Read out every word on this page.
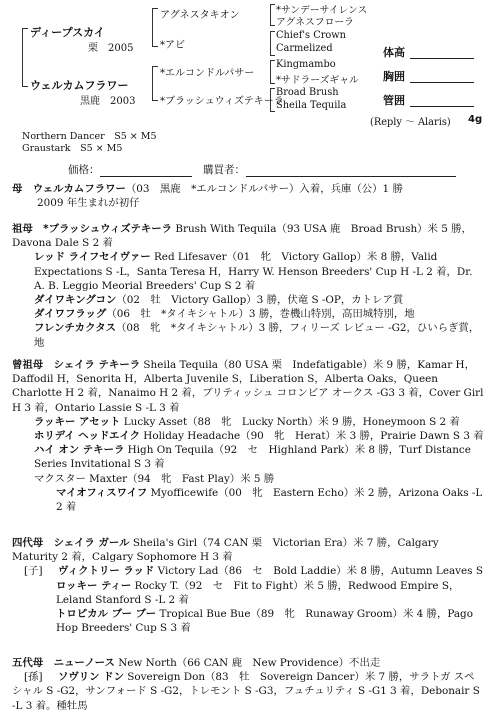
ディープスカイ
栗　2005
ウェルカムフラワー
黒鹿　2003
アグネスタキオン
*アビ
*エルコンドルパサー
*ブラッシュウィズテキーラ
*サンデーサイレンス
アグネスフローラ
Chief's Crown
Carmelized
Kingmambo
*サドラーズギャル
Broad Brush
Sheila Tequila
体高
胸囲
管囲
(Reply ～ Alaris) 4g
Northern Dancer　S5 × M5
Graustark　S5 × M5
価格：	購買者：

母　 ウェルカムフラワー（03　黒鹿　*エルコンドルパサー）入着，兵庫（公）1 勝

2009 年生まれが初仔

祖母　 *ブラッシュウィズテキーラ Brush With Tequila（93 USA 鹿　Broad Brush）米 5 勝，Davona Dale S 2 着

レッド ライフセイヴァー Red Lifesaver（01　牝　Victory Gallop）米 8 勝，Valid Expectations S -L，Santa Teresa H，Harry W. Henson Breeders' Cup H -L 2 着，Dr. A. B. Leggio Meorial Breeders' Cup S 2 着

ダイワキングコン（02　牡　Victory Gallop）3 勝，伏竜 S -OP，カトレア賞

ダイワフラッグ（06　牡　*タイキシャトル）3 勝，巻機山特別，高田城特別，地

フレンチカクタス（08　牝　*タイキシャトル）3 勝，フィリーズ レビュー -G2，ひいらぎ賞，地

曾祖母　 シェイラ テキーラ Sheila Tequila（80 USA 栗　Indefatigable）米 9 勝，Kamar H，Daffodil H，Senorita H，Alberta Juvenile S，Liberation S，Alberta Oaks，Queen Charlotte H 2 着，Nanaimo H 2 着，ブリティッシュ コロンビア オークス -G3 3 着，Cover Girl H 3 着，Ontario Lassie S -L 3 着

ラッキー アセット Lucky Asset（88　牝　Lucky North）米 9 勝，Honeymoon S 2 着

ホリデイ ヘッドエイク Holiday Headache（90　牝　Herat）米 3 勝，Prairie Dawn S 3 着

ハイ オン テキーラ High On Tequila（92　セ　Highland Park）米 8 勝，Turf Distance Series Invitational S 3 着

マクスター Maxter（94　牝　Fast Play）米 5 勝

マイオフィスワイフ Myofficewife（00　牝　Eastern Echo）米 2 勝，Arizona Oaks -L 2 着

四代母　 シェイラ ガール Sheila's Girl（74 CAN 栗　Victorian Era）米 7 勝，Calgary Maturity 2 着，Calgary Sophomore H 3 着

[子] ヴィクトリー ラッド Victory Lad（86　セ　Bold Laddie）米 8 勝，Autumn Leaves S

ロッキー ティー Rocky T.（92　セ　Fit to Fight）米 5 勝，Redwood Empire S，Leland Stanford S -L 2 着

トロピカル ブー ブー Tropical Bue Bue（89　牝　Runaway Groom）米 4 勝，Pago Hop Breeders' Cup S 3 着

五代母　 ニューノース New North（66 CAN 鹿　New Providence）不出走

[孫] ソヴリン ドン Sovereign Don（83　牡　Sovereign Dancer）米 7 勝，サラトガ スペシャル S -G2，サンフォード S -G2，トレモント S -G3，フュチュリティ S -G1 3 着，Debonair S -L 3 着。種牡馬
